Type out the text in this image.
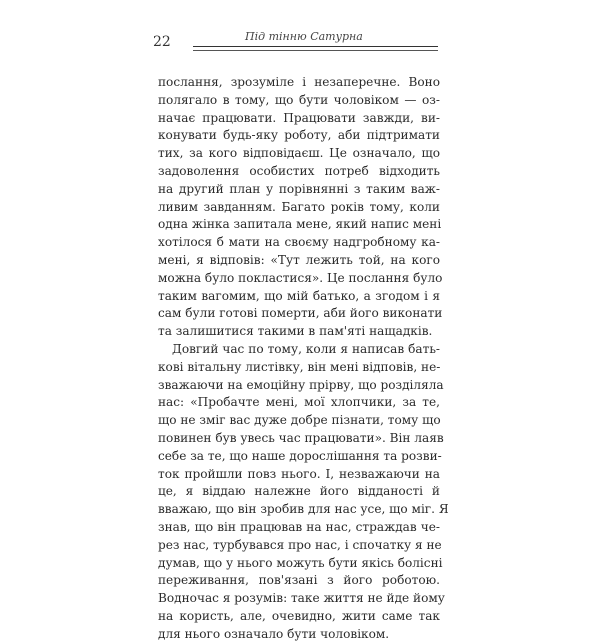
22	Під тінню Сатурна
послання, зрозуміле і незаперечне. Воно
полягало в тому, що бути чоловіком — оз-
начає працювати. Працювати завжди, ви-
конувати будь-яку роботу, аби підтримати
тих, за кого відповідаєш. Це означало, що
задоволення особистих потреб відходить
на другий план у порівнянні з таким важ-
ливим завданням. Багато років тому, коли
одна жінка запитала мене, який напис мені
хотілося б мати на своєму надгробному ка-
мені, я відповів: «Тут лежить той, на кого
можна було покластися». Це послання було
таким вагомим, що мій батько, а згодом і я
сам були готові померти, аби його виконати
та залишитися такими в пам'яті нащадків.
Довгий час по тому, коли я написав бать-
кові вітальну листівку, він мені відповів, не-
зважаючи на емоційну прірву, що розділяла
нас: «Пробачте мені, мої хлопчики, за те,
що не зміг вас дуже добре пізнати, тому що
повинен був увесь час працювати». Він лаяв
себе за те, що наше дорослішання та розви-
ток пройшли повз нього. І, незважаючи на
це, я віддаю належне його відданості й
вважаю, що він зробив для нас усе, що міг. Я
знав, що він працював на нас, страждав че-
рез нас, турбувався про нас, і спочатку я не
думав, що у нього можуть бути якісь болісні
переживання, пов'язані з його роботою.
Водночас я розумів: таке життя не йде йому
на користь, але, очевидно, жити саме так
для нього означало бути чоловіком.
